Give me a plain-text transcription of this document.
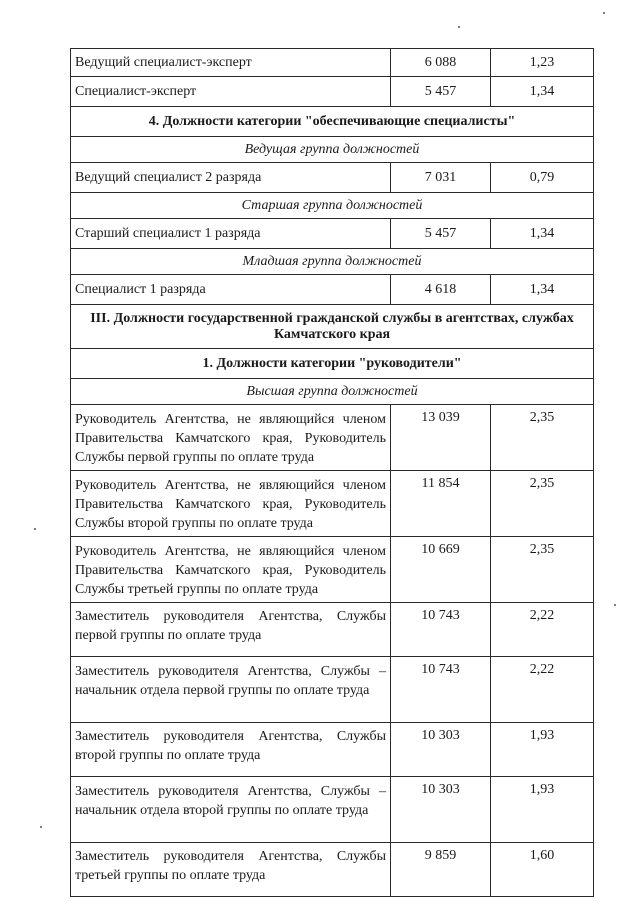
Ведущий специалист-эксперт	6 088	1,23
Специалист-эксперт	5 457	1,34
4. Должности категории "обеспечивающие специалисты"		
Ведущая группа должностей		
Ведущий специалист 2 разряда	7 031	0,79
Старшая группа должностей		
Старший специалист 1 разряда	5 457	1,34
Младшая группа должностей		
Специалист 1 разряда	4 618	1,34
III. Должности государственной гражданской службы в агентствах, службах Камчатского края		
1. Должности категории "руководители"		
Высшая группа должностей		
Руководитель Агентства, не являющийся членом Правительства Камчатского края, Руководитель Службы первой группы по оплате труда	13 039	2,35
Руководитель Агентства, не являющийся членом Правительства Камчатского края, Руководитель Службы второй группы по оплате труда	11 854	2,35
Руководитель Агентства, не являющийся членом Правительства Камчатского края, Руководитель Службы третьей группы по оплате труда	10 669	2,35
Заместитель руководителя Агентства, Службы первой группы по оплате труда	10 743	2,22
Заместитель руководителя Агентства, Службы – начальник отдела первой группы по оплате труда	10 743	2,22
Заместитель руководителя Агентства, Службы второй группы по оплате труда	10 303	1,93
Заместитель руководителя Агентства, Службы – начальник отдела второй группы по оплате труда	10 303	1,93
Заместитель руководителя Агентства, Службы третьей группы по оплате труда	9 859	1,60
